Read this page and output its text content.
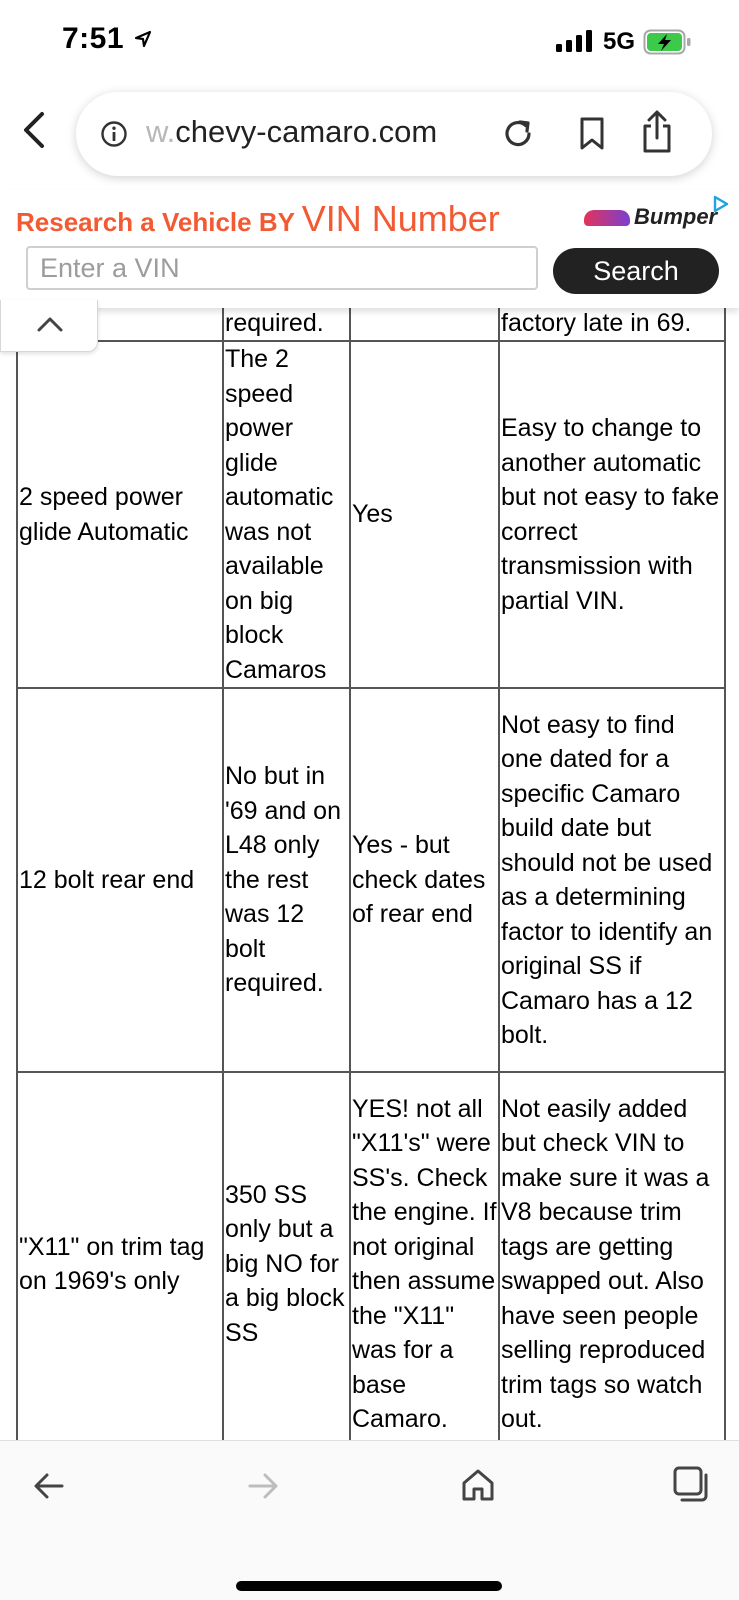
7:51	5G
w.chevy-camaro.com
Research a Vehicle BY VIN Number	Bumper
Enter a VIN
Search
	required.		factory late in 69.
2 speed power glide Automatic	The 2 speed power glide automatic was not available on big block Camaros	Yes	Easy to change to another automatic but not easy to fake correct transmission with partial VIN.
12 bolt rear end	No but in '69 and on L48 only the rest was 12 bolt required.	Yes - but check dates of rear end	Not easy to find one dated for a specific Camaro build date but should not be used as a determining factor to identify an original SS if Camaro has a 12 bolt.
"X11" on trim tag on 1969's only	350 SS only but a big NO for a big block SS	YES! not all "X11's" were SS's. Check the engine. If not original then assume the "X11" was for a base Camaro.	Not easily added but check VIN to make sure it was a V8 because trim tags are getting swapped out. Also have seen people selling reproduced trim tags so watch out.
